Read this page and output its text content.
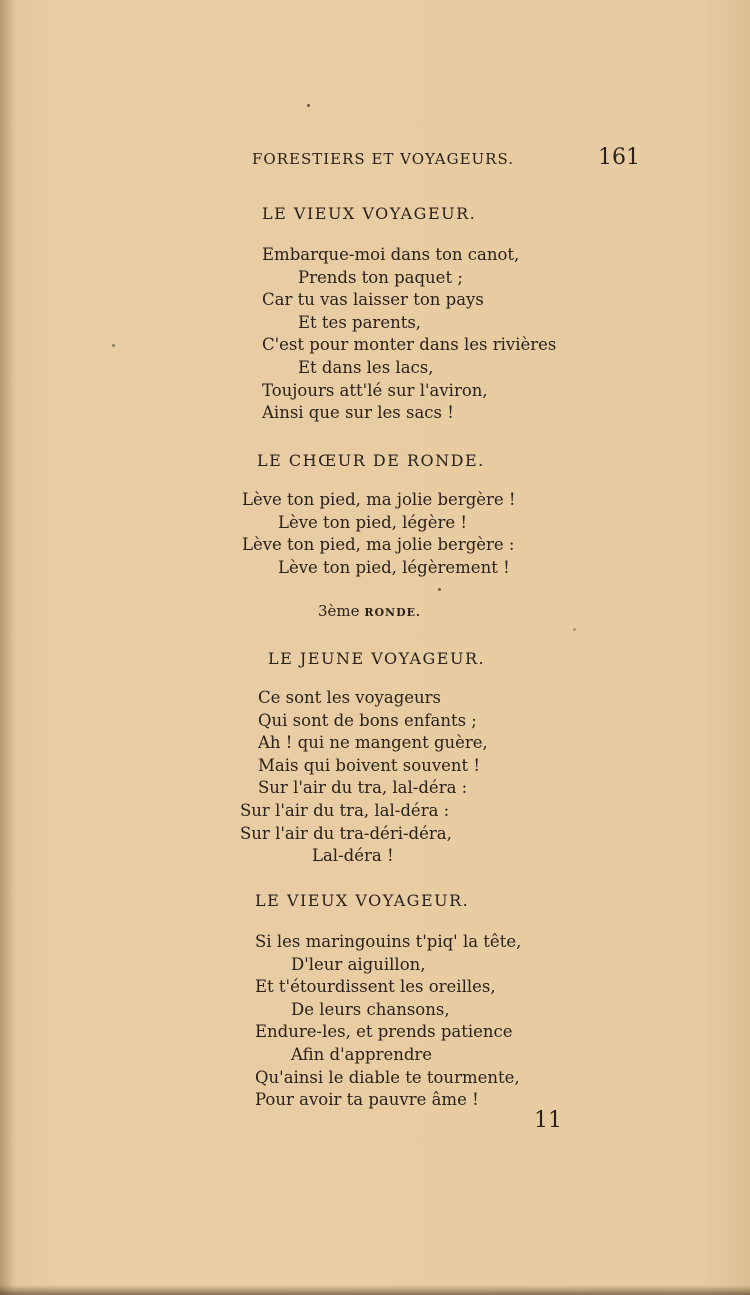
FORESTIERS ET VOYAGEURS.	161
LE VIEUX VOYAGEUR.
Embarque-moi dans ton canot,
Prends ton paquet ;
Car tu vas laisser ton pays
Et tes parents,
C'est pour monter dans les rivières
Et dans les lacs,
Toujours att'lé sur l'aviron,
Ainsi que sur les sacs !
LE CHŒUR DE RONDE.
Lève ton pied, ma jolie bergère !
Lève ton pied, légère !
Lève ton pied, ma jolie bergère :
Lève ton pied, légèrement !
3ème RONDE.
LE JEUNE VOYAGEUR.
Ce sont les voyageurs
Qui sont de bons enfants ;
Ah ! qui ne mangent guère,
Mais qui boivent souvent !
Sur l'air du tra, lal-déra :
Sur l'air du tra, lal-déra :
Sur l'air du tra-déri-déra,
Lal-déra !
LE VIEUX VOYAGEUR.
Si les maringouins t'piq' la tête,
D'leur aiguillon,
Et t'étourdissent les oreilles,
De leurs chansons,
Endure-les, et prends patience
Afin d'apprendre
Qu'ainsi le diable te tourmente,
Pour avoir ta pauvre âme !
11
